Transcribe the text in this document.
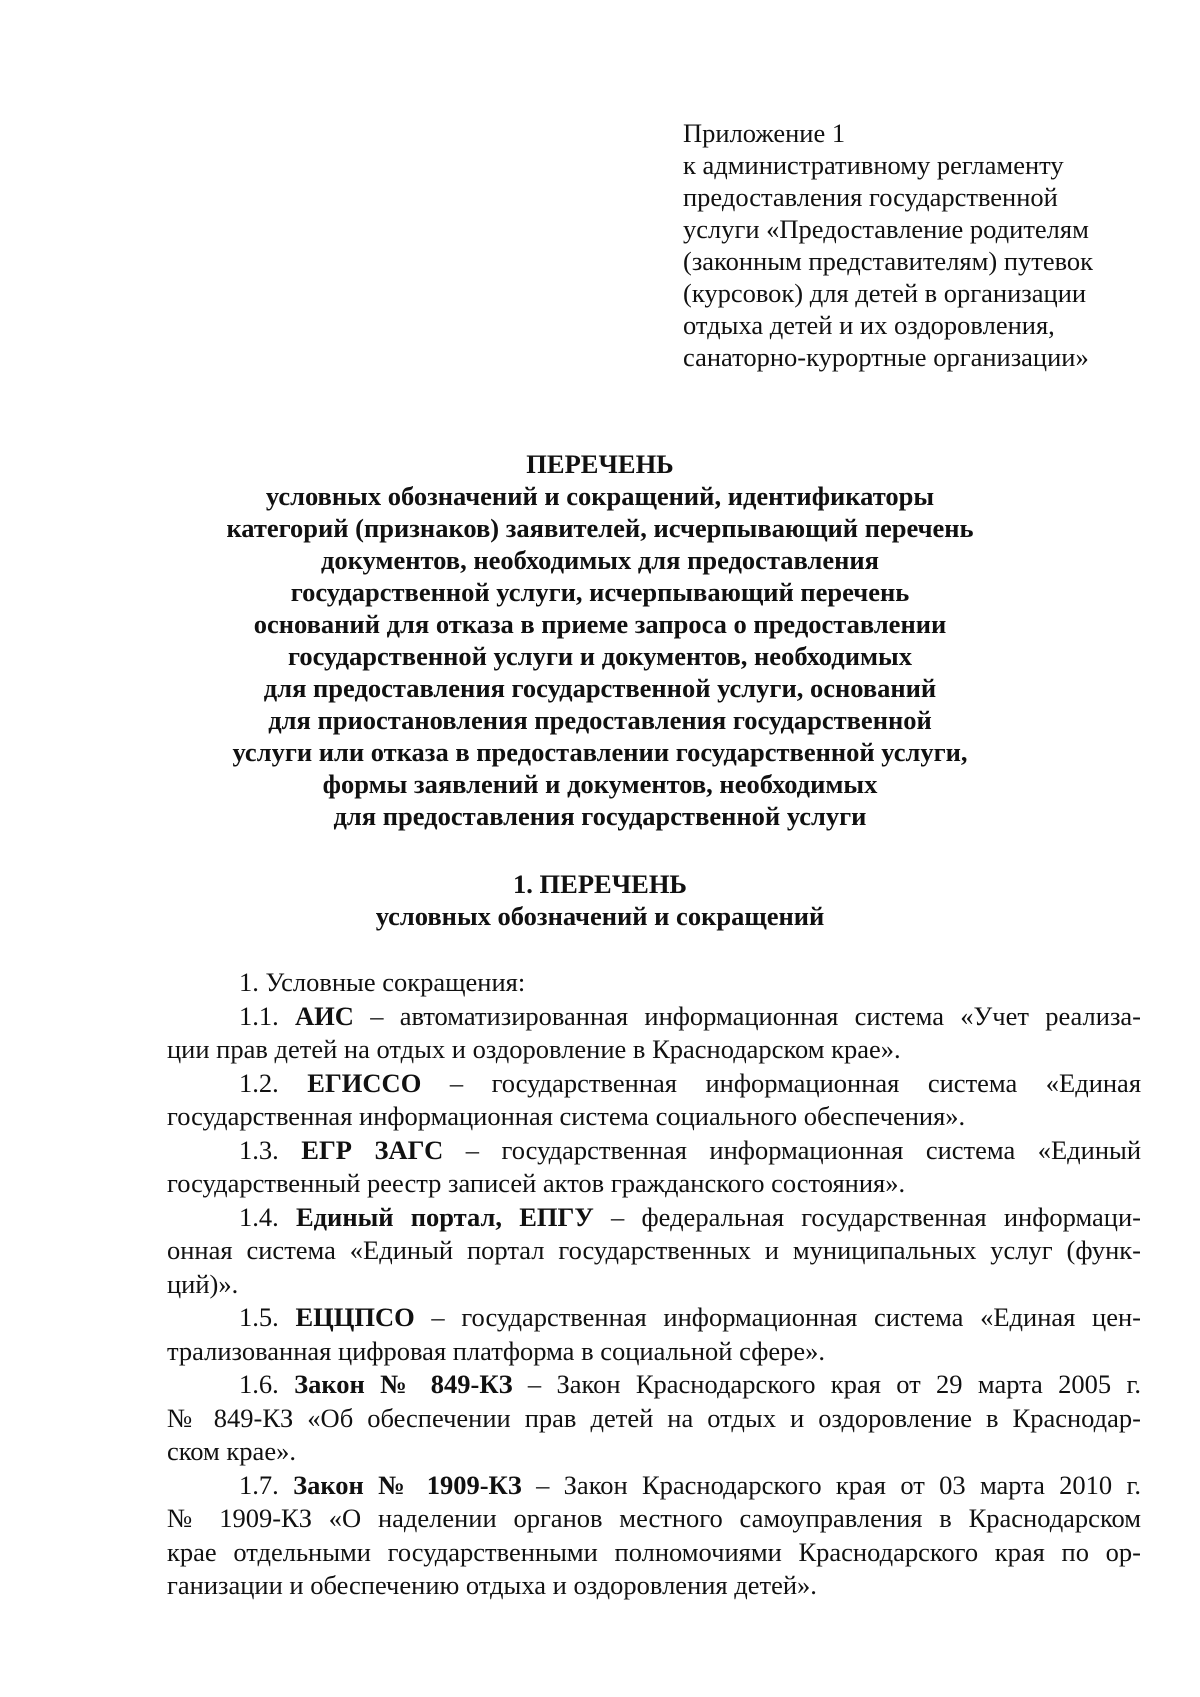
Приложение 1
к административному регламенту
предоставления государственной
услуги «Предоставление родителям
(законным представителям) путевок
(курсовок) для детей в организации
отдыха детей и их оздоровления,
санаторно-курортные организации»
ПЕРЕЧЕНЬ
условных обозначений и сокращений, идентификаторы
категорий (признаков) заявителей, исчерпывающий перечень
документов, необходимых для предоставления
государственной услуги, исчерпывающий перечень
оснований для отказа в приеме запроса о предоставлении
государственной услуги и документов, необходимых
для предоставления государственной услуги, оснований
для приостановления предоставления государственной
услуги или отказа в предоставлении государственной услуги,
формы заявлений и документов, необходимых
для предоставления государственной услуги
1. ПЕРЕЧЕНЬ
условных обозначений и сокращений
1. Условные сокращения:
1.1. АИС – автоматизированная информационная система «Учет реализа-
ции прав детей на отдых и оздоровление в Краснодарском крае».
1.2. ЕГИССО – государственная информационная система «Единая
государственная информационная система социального обеспечения».
1.3. ЕГР ЗАГС – государственная информационная система «Единый
государственный реестр записей актов гражданского состояния».
1.4. Единый портал, ЕПГУ – федеральная государственная информаци-
онная система «Единый портал государственных и муниципальных услуг (функ-
ций)».
1.5. ЕЦЦПСО – государственная информационная система «Единая цен-
трализованная цифровая платформа в социальной сфере».
1.6. Закон № 849-КЗ – Закон Краснодарского края от 29 марта 2005 г.
№ 849-КЗ «Об обеспечении прав детей на отдых и оздоровление в Краснодар-
ском крае».
1.7. Закон № 1909-КЗ – Закон Краснодарского края от 03 марта 2010 г.
№ 1909-КЗ «О наделении органов местного самоуправления в Краснодарском
крае отдельными государственными полномочиями Краснодарского края по ор-
ганизации и обеспечению отдыха и оздоровления детей».
